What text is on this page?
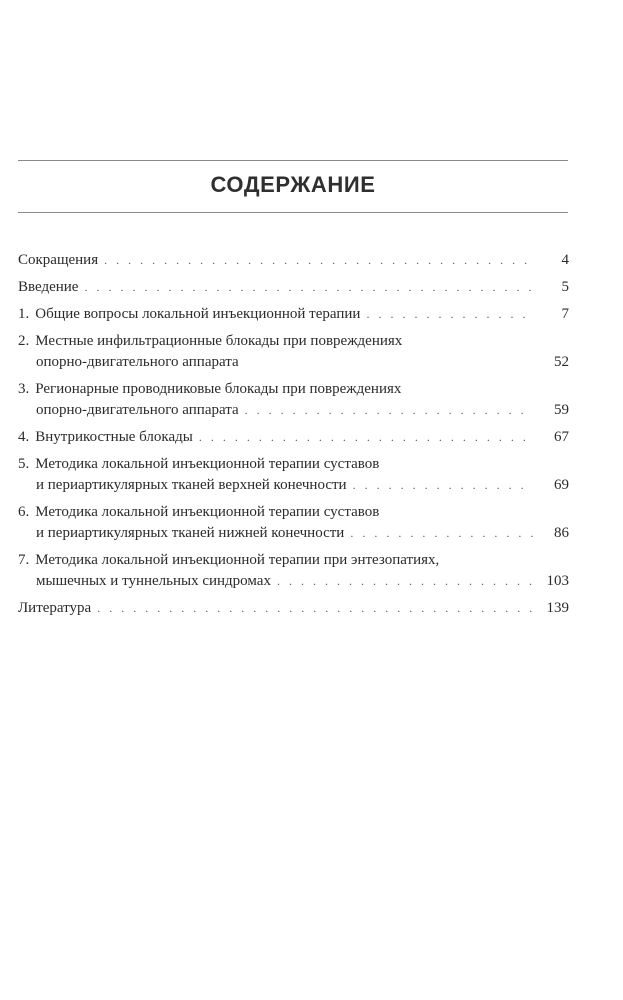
СОДЕРЖАНИЕ
Сокращения . . .	4
Введение . . .	5
1. Общие вопросы локальной инъекционной терапии . . .	7
2. Местные инфильтрационные блокады при повреждениях
опорно-двигательного аппарата	52
3. Регионарные проводниковые блокады при повреждениях
опорно-двигательного аппарата . . .	59
4. Внутрикостные блокады . . .	67
5. Методика локальной инъекционной терапии суставов
и периартикулярных тканей верхней конечности . . .	69
6. Методика локальной инъекционной терапии суставов
и периартикулярных тканей нижней конечности . . .	86
7. Методика локальной инъекционной терапии при энтезопатиях,
мышечных и туннельных синдромах . . .	103
Литература . . .	139
